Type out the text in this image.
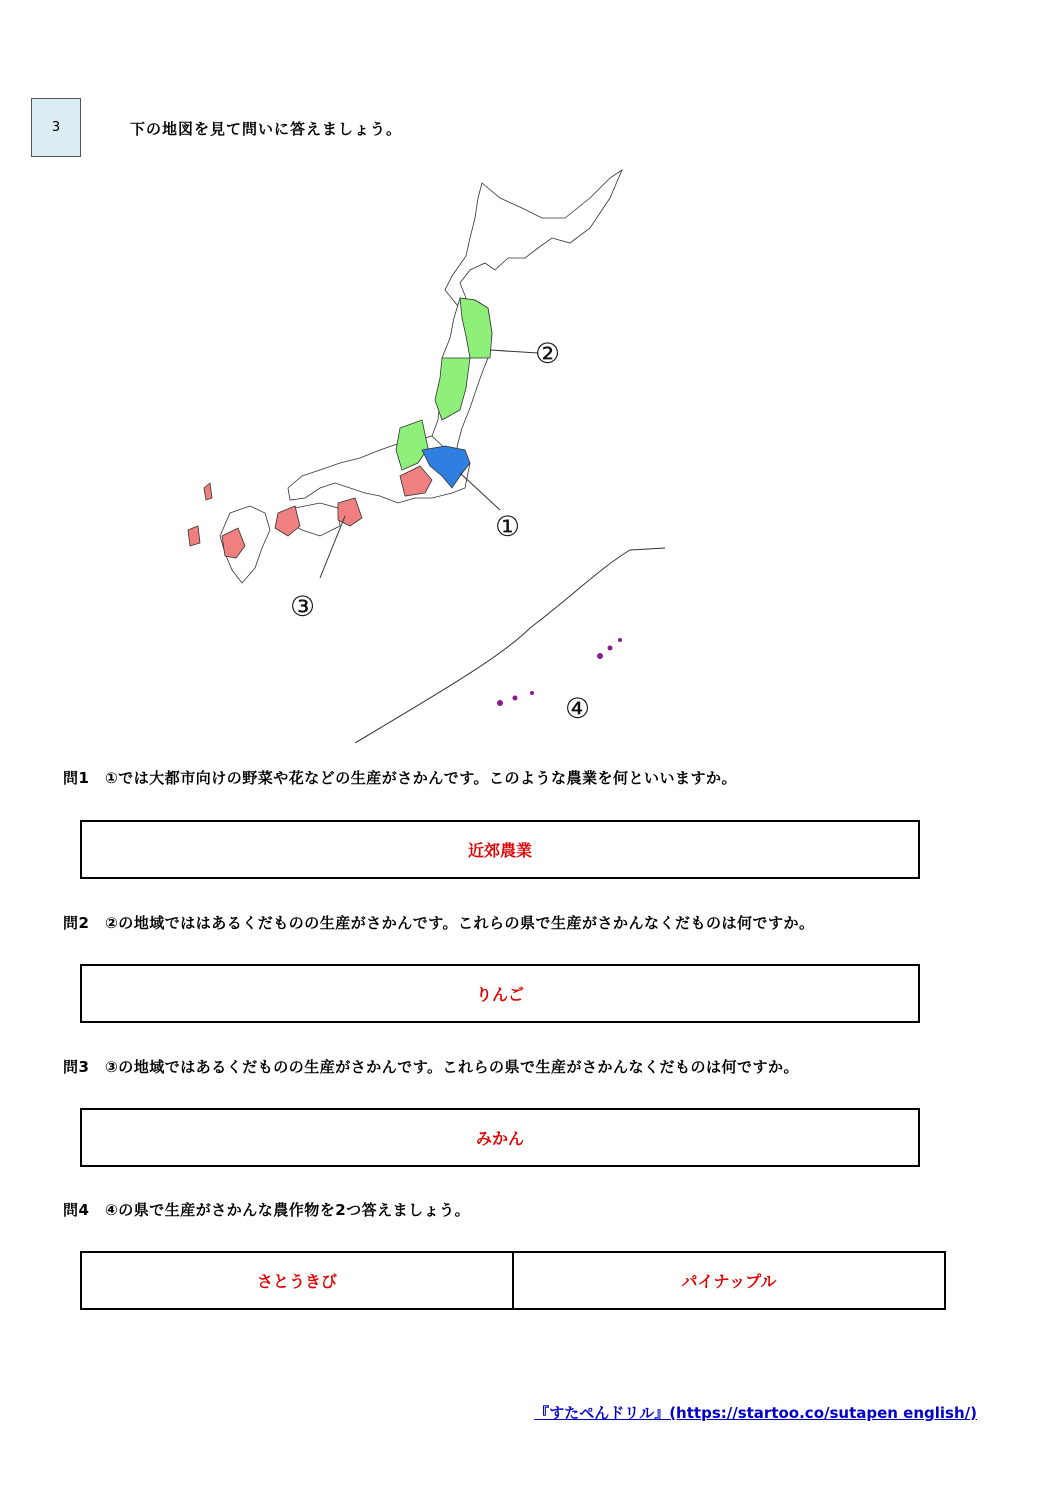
3	下の地図を見て問いに答えましょう。
②
①
③
④
問1 ①では大都市向けの野菜や花などの生産がさかんです。このような農業を何といいますか。
近郊農業
問2 ②の地域でははあるくだものの生産がさかんです。これらの県で生産がさかんなくだものは何ですか。
りんご
問3 ③の地域ではあるくだものの生産がさかんです。これらの県で生産がさかんなくだものは何ですか。
みかん
問4 ④の県で生産がさかんな農作物を2つ答えましょう。
さとうきび	パイナップル
『すたぺんドリル』(https://startoo.co/sutapen english/)
